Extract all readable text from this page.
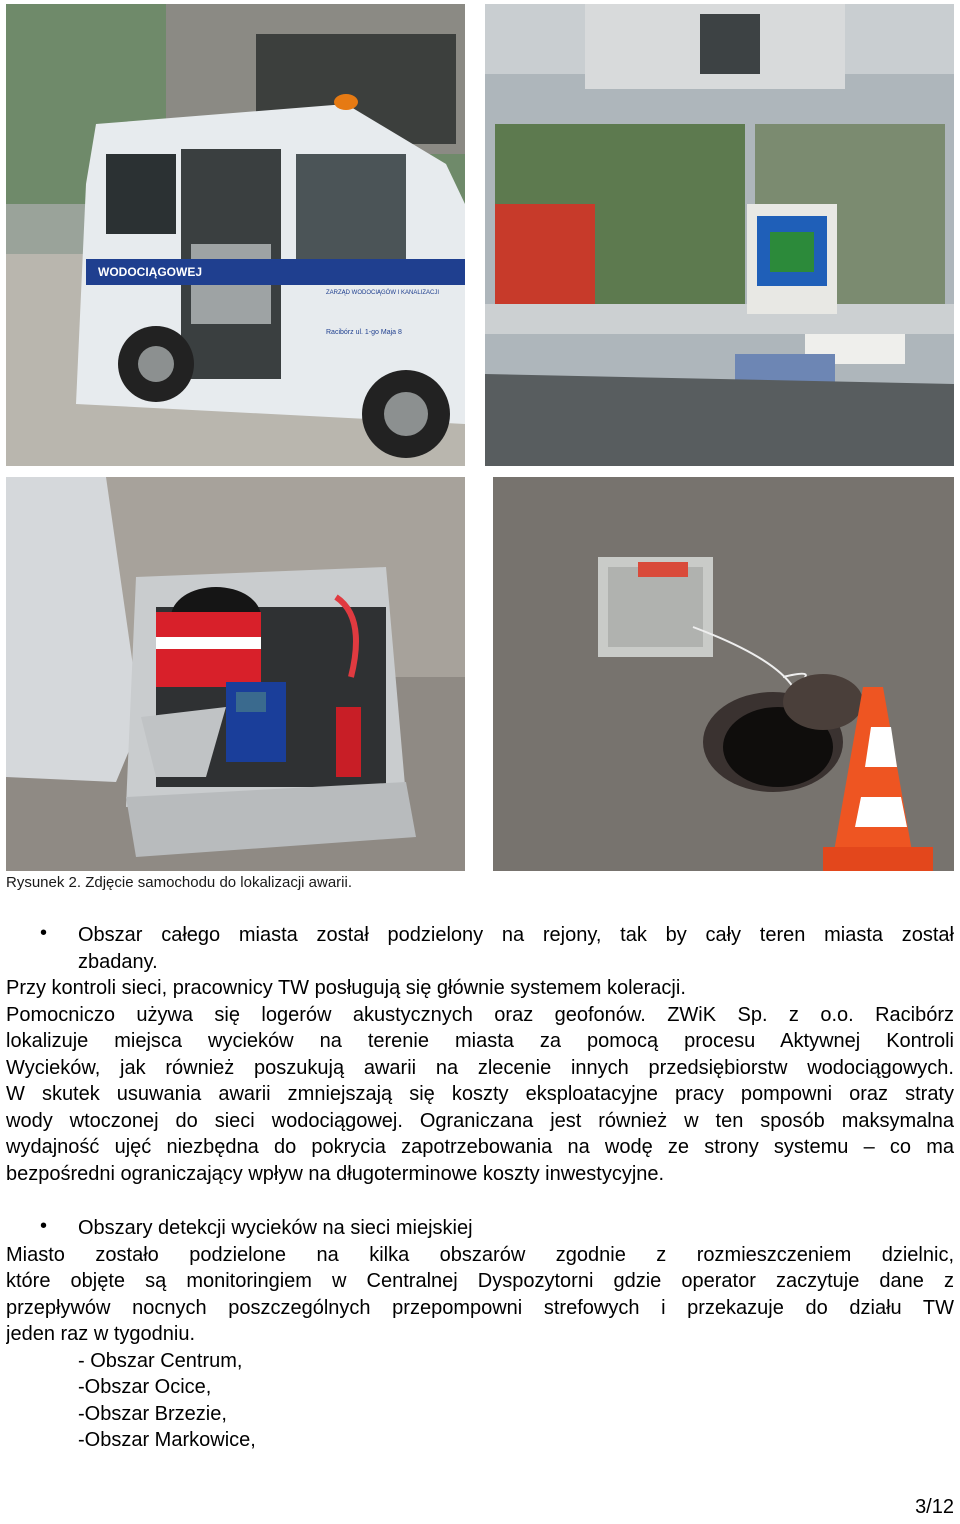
WODOCIĄGOWEJ
ZARZĄD WODOCIĄGÓW I KANALIZACJI
Racibórz ul. 1-go Maja 8
Rysunek 2. Zdjęcie samochodu do lokalizacji awarii.
• Obszar całego miasta został podzielony na rejony, tak by cały teren miasta został
zbadany.
Przy kontroli sieci, pracownicy TW posługują się głównie systemem koleracji.
Pomocniczo używa się logerów akustycznych oraz geofonów. ZWiK Sp. z o.o. Racibórz
lokalizuje miejsca wycieków na terenie miasta za pomocą procesu Aktywnej Kontroli
Wycieków, jak również poszukują awarii na zlecenie innych przedsiębiorstw wodociągowych.
W skutek usuwania awarii zmniejszają się koszty eksploatacyjne pracy pompowni oraz straty
wody wtoczonej do sieci wodociągowej. Ograniczana jest również w ten sposób maksymalna
wydajność ujęć niezbędna do pokrycia zapotrzebowania na wodę ze strony systemu – co ma
bezpośredni ograniczający wpływ na długoterminowe koszty inwestycyjne.
• Obszary detekcji wycieków na sieci miejskiej
Miasto zostało podzielone na kilka obszarów zgodnie z rozmieszczeniem dzielnic,
które objęte są monitoringiem w Centralnej Dyspozytorni gdzie operator zaczytuje dane z
przepływów nocnych poszczególnych przepompowni strefowych i przekazuje do działu TW
jeden raz w tygodniu.
- Obszar Centrum,
-Obszar Ocice,
-Obszar Brzezie,
-Obszar Markowice,
3/12
